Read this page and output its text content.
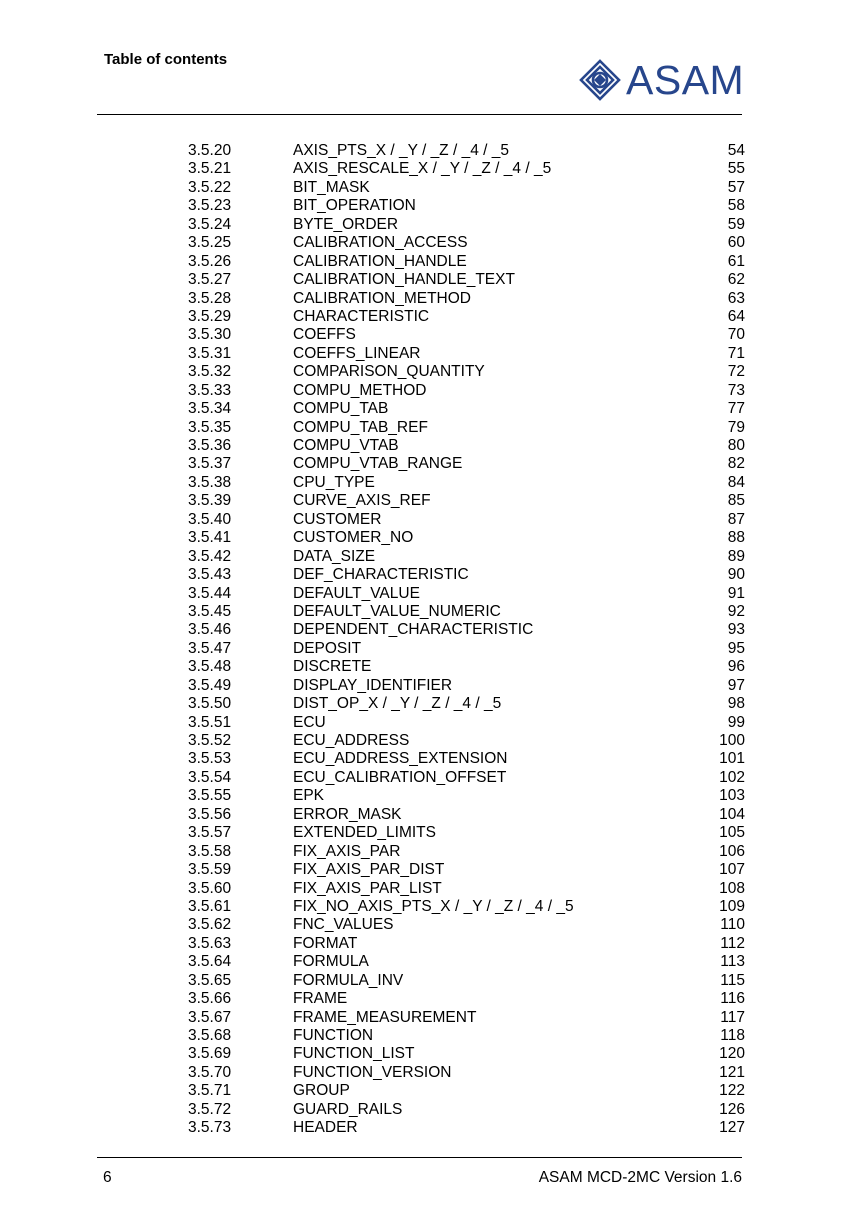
Table of contents	ASAM
3.5.20	AXIS_PTS_X / _Y / _Z / _4 / _5	54
3.5.21	AXIS_RESCALE_X / _Y / _Z / _4 / _5	55
3.5.22	BIT_MASK	57
3.5.23	BIT_OPERATION	58
3.5.24	BYTE_ORDER	59
3.5.25	CALIBRATION_ACCESS	60
3.5.26	CALIBRATION_HANDLE	61
3.5.27	CALIBRATION_HANDLE_TEXT	62
3.5.28	CALIBRATION_METHOD	63
3.5.29	CHARACTERISTIC	64
3.5.30	COEFFS	70
3.5.31	COEFFS_LINEAR	71
3.5.32	COMPARISON_QUANTITY	72
3.5.33	COMPU_METHOD	73
3.5.34	COMPU_TAB	77
3.5.35	COMPU_TAB_REF	79
3.5.36	COMPU_VTAB	80
3.5.37	COMPU_VTAB_RANGE	82
3.5.38	CPU_TYPE	84
3.5.39	CURVE_AXIS_REF	85
3.5.40	CUSTOMER	87
3.5.41	CUSTOMER_NO	88
3.5.42	DATA_SIZE	89
3.5.43	DEF_CHARACTERISTIC	90
3.5.44	DEFAULT_VALUE	91
3.5.45	DEFAULT_VALUE_NUMERIC	92
3.5.46	DEPENDENT_CHARACTERISTIC	93
3.5.47	DEPOSIT	95
3.5.48	DISCRETE	96
3.5.49	DISPLAY_IDENTIFIER	97
3.5.50	DIST_OP_X / _Y / _Z / _4 / _5	98
3.5.51	ECU	99
3.5.52	ECU_ADDRESS	100
3.5.53	ECU_ADDRESS_EXTENSION	101
3.5.54	ECU_CALIBRATION_OFFSET	102
3.5.55	EPK	103
3.5.56	ERROR_MASK	104
3.5.57	EXTENDED_LIMITS	105
3.5.58	FIX_AXIS_PAR	106
3.5.59	FIX_AXIS_PAR_DIST	107
3.5.60	FIX_AXIS_PAR_LIST	108
3.5.61	FIX_NO_AXIS_PTS_X / _Y / _Z / _4 / _5	109
3.5.62	FNC_VALUES	110
3.5.63	FORMAT	112
3.5.64	FORMULA	113
3.5.65	FORMULA_INV	115
3.5.66	FRAME	116
3.5.67	FRAME_MEASUREMENT	117
3.5.68	FUNCTION	118
3.5.69	FUNCTION_LIST	120
3.5.70	FUNCTION_VERSION	121
3.5.71	GROUP	122
3.5.72	GUARD_RAILS	126
3.5.73	HEADER	127
6	ASAM MCD-2MC Version 1.6
